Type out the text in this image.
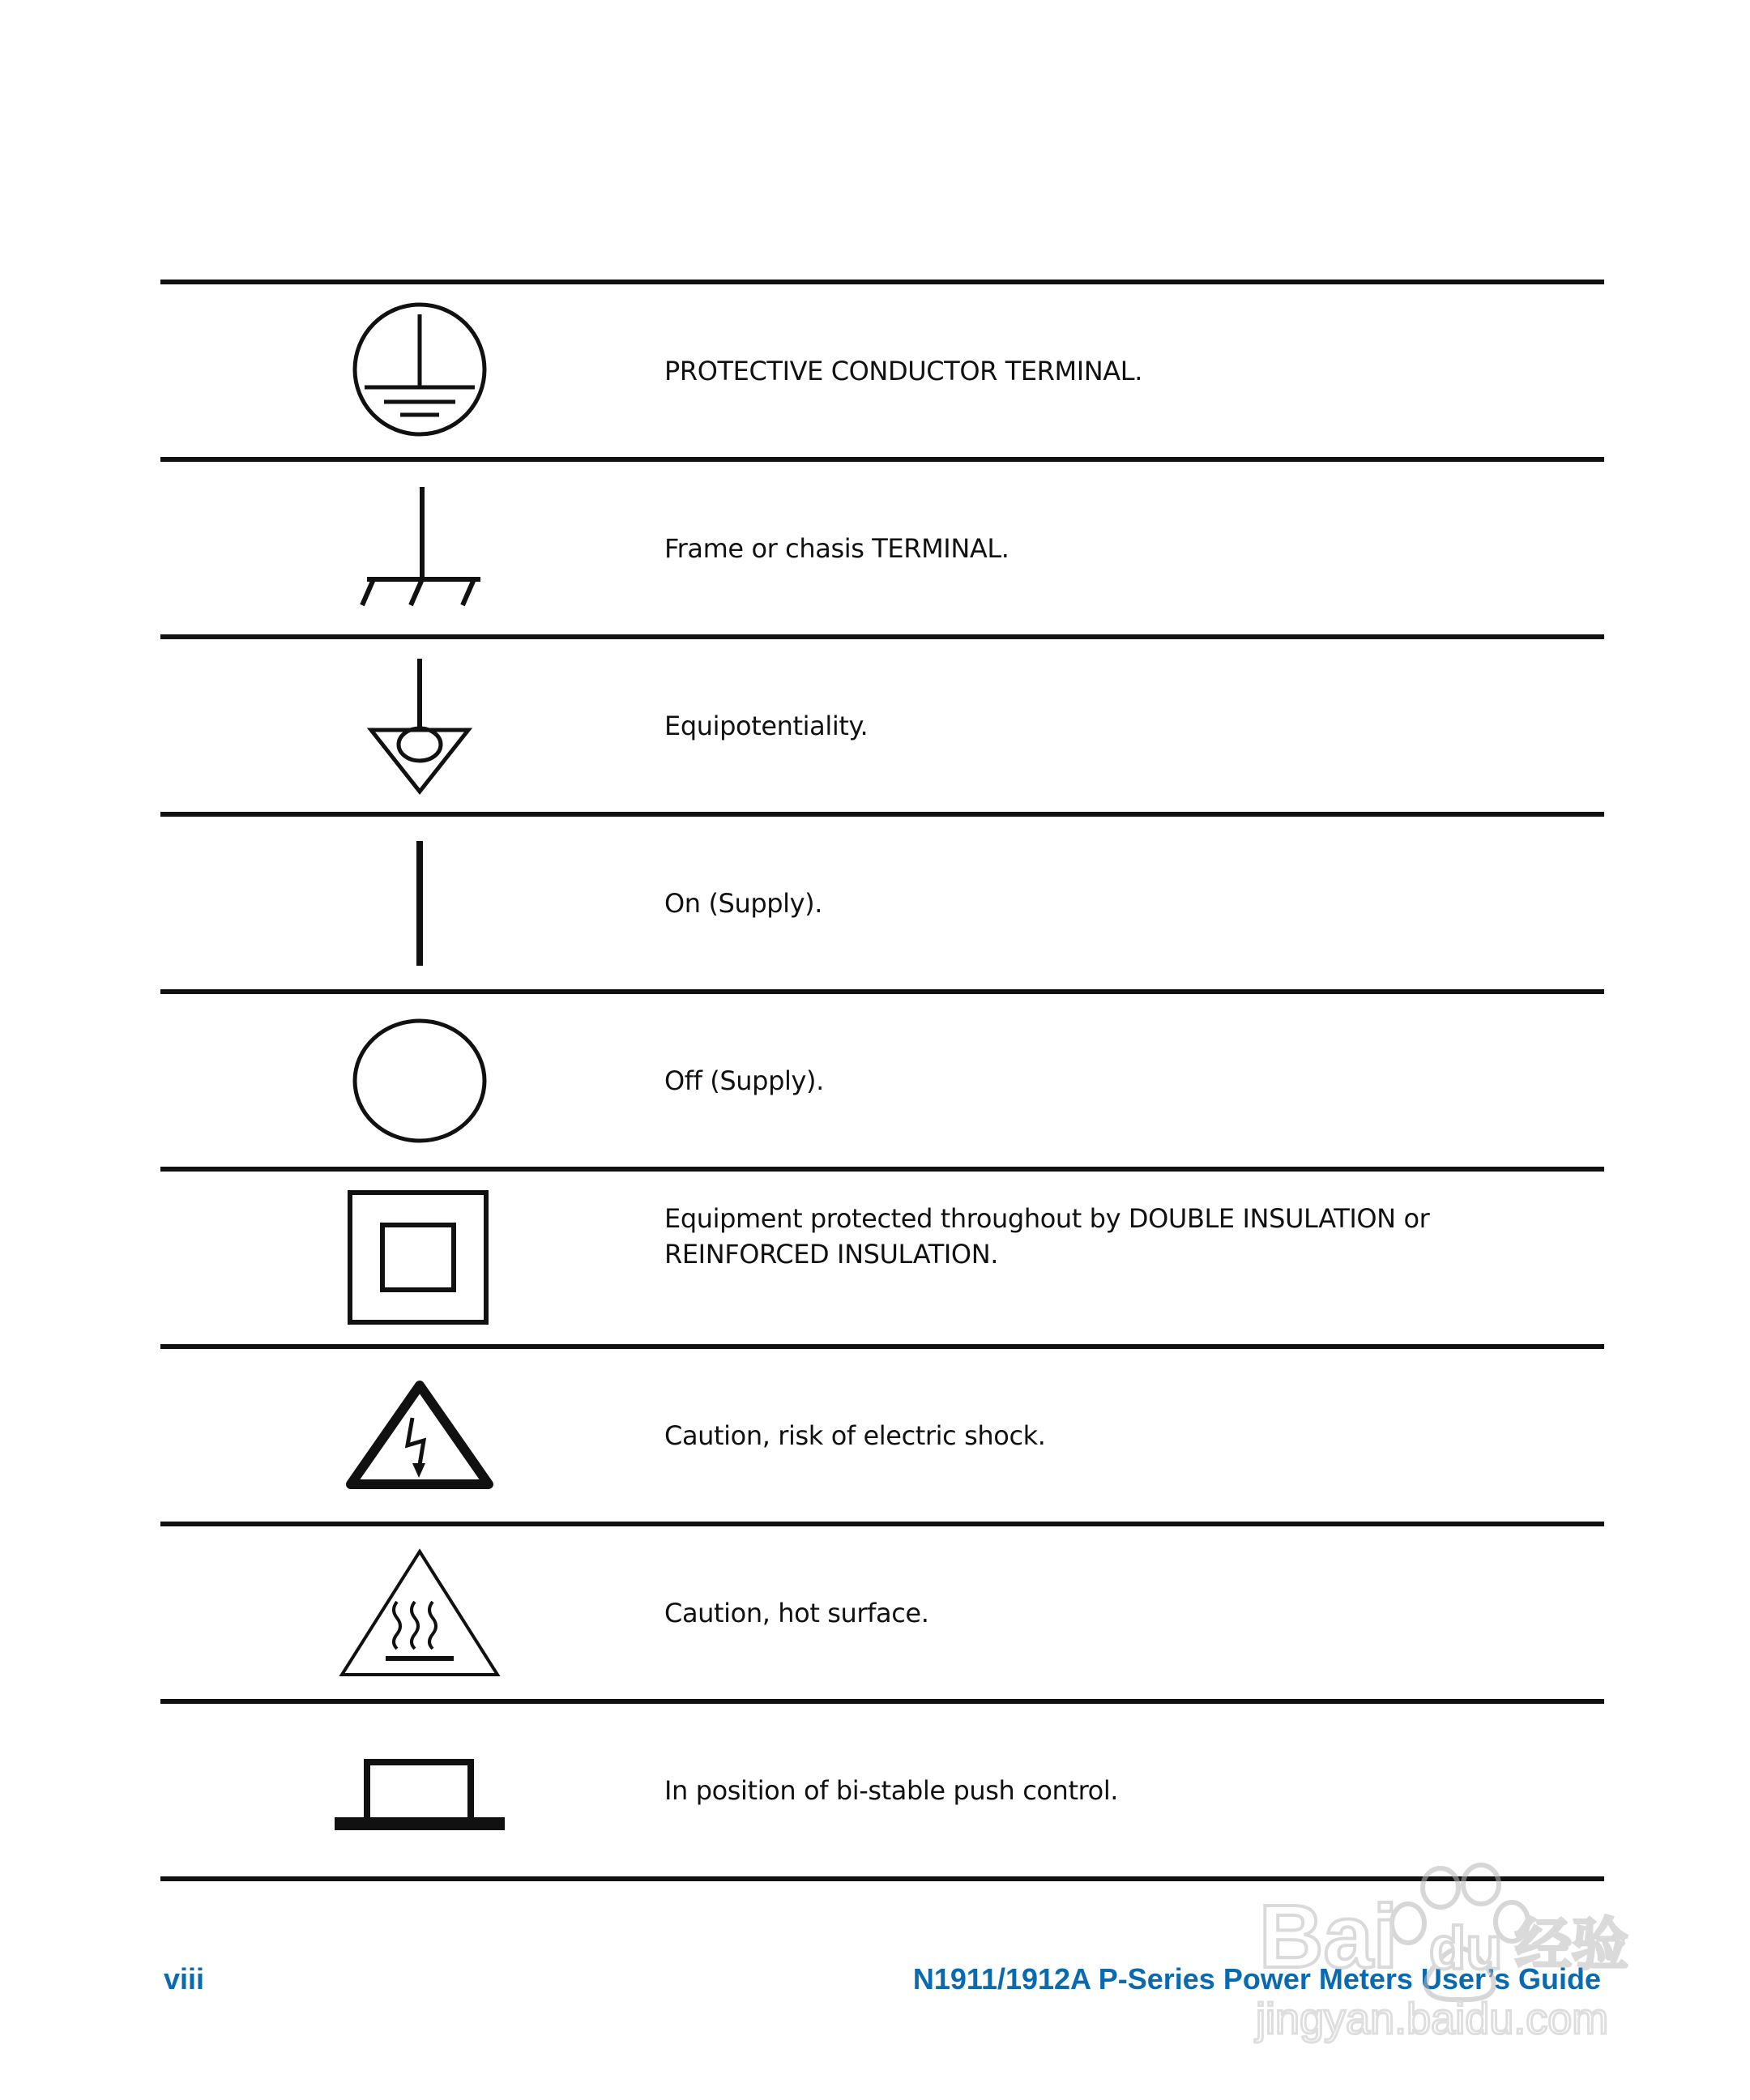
PROTECTIVE CONDUCTOR TERMINAL.
Frame or chasis TERMINAL.
Equipotentiality.
On (Supply).
Off (Supply).
Equipment protected throughout by DOUBLE INSULATION or
REINFORCED INSULATION.
Caution, risk of electric shock.
Caution, hot surface.
In position of bi-stable push control.
viii	N1911/1912A P-Series Power Meters User’s Guide
Bai du 经验
jingyan.baidu.com
